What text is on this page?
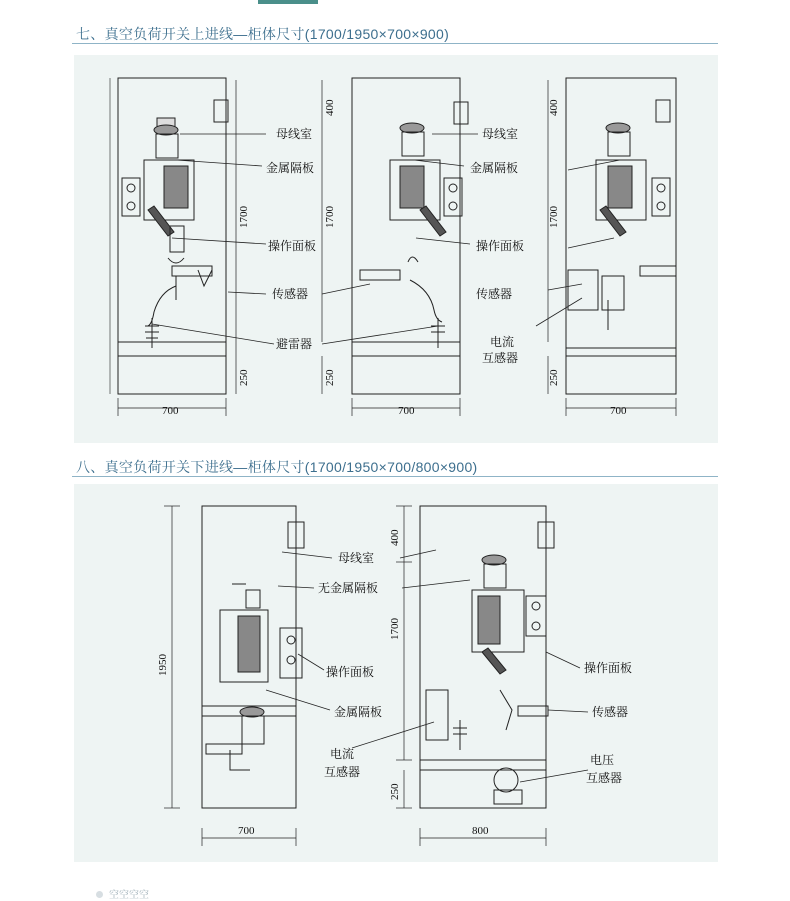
七、真空负荷开关上进线—柜体尺寸(1700/1950×700×900)
八、真空负荷开关下进线—柜体尺寸(1700/1950×700/800×900)
母线室	母线室
金属隔板	金属隔板
操作面板	操作面板
传感器	传感器
避雷器	电流
互感器
400	400
1700	1700	1700
250	250	250
700	700	700
母线室
无金属隔板
操作面板	操作面板
金属隔板	传感器
电流
互感器
电压
互感器
1950
400
1700
250
700	800
空空空空
